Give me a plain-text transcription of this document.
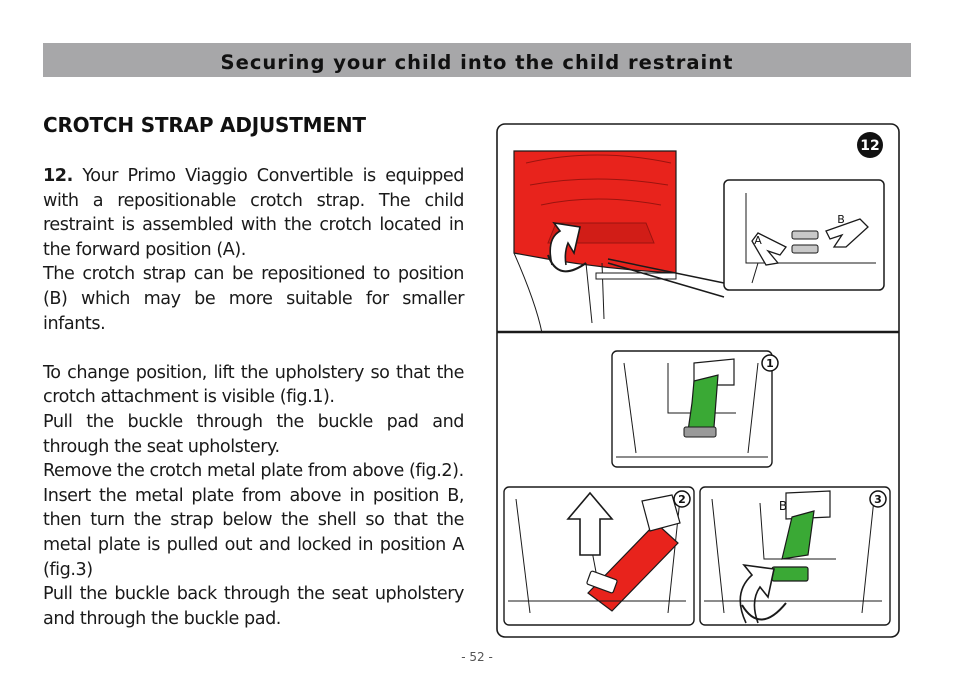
Securing your child into the child restraint
CROTCH STRAP ADJUSTMENT

12. Your Primo Viaggio Convertible is equipped with a repositionable crotch strap. The child restraint is assembled with the crotch located in the forward position (A).

The crotch strap can be repositioned to position (B) which may be more suitable for smaller infants.

To change position, lift the upholstery so that the crotch attachment is visible (fig.1).

Pull the buckle through the buckle pad and through the seat upholstery.

Remove the crotch metal plate from above (fig.2).

Insert the metal plate from above in position B, then turn the strap below the shell so that the metal plate is pulled out and locked in position A (fig.3)

Pull the buckle back through the seat upholstery and through the buckle pad.

12
1
2	3
A
B
B
- 52 -
